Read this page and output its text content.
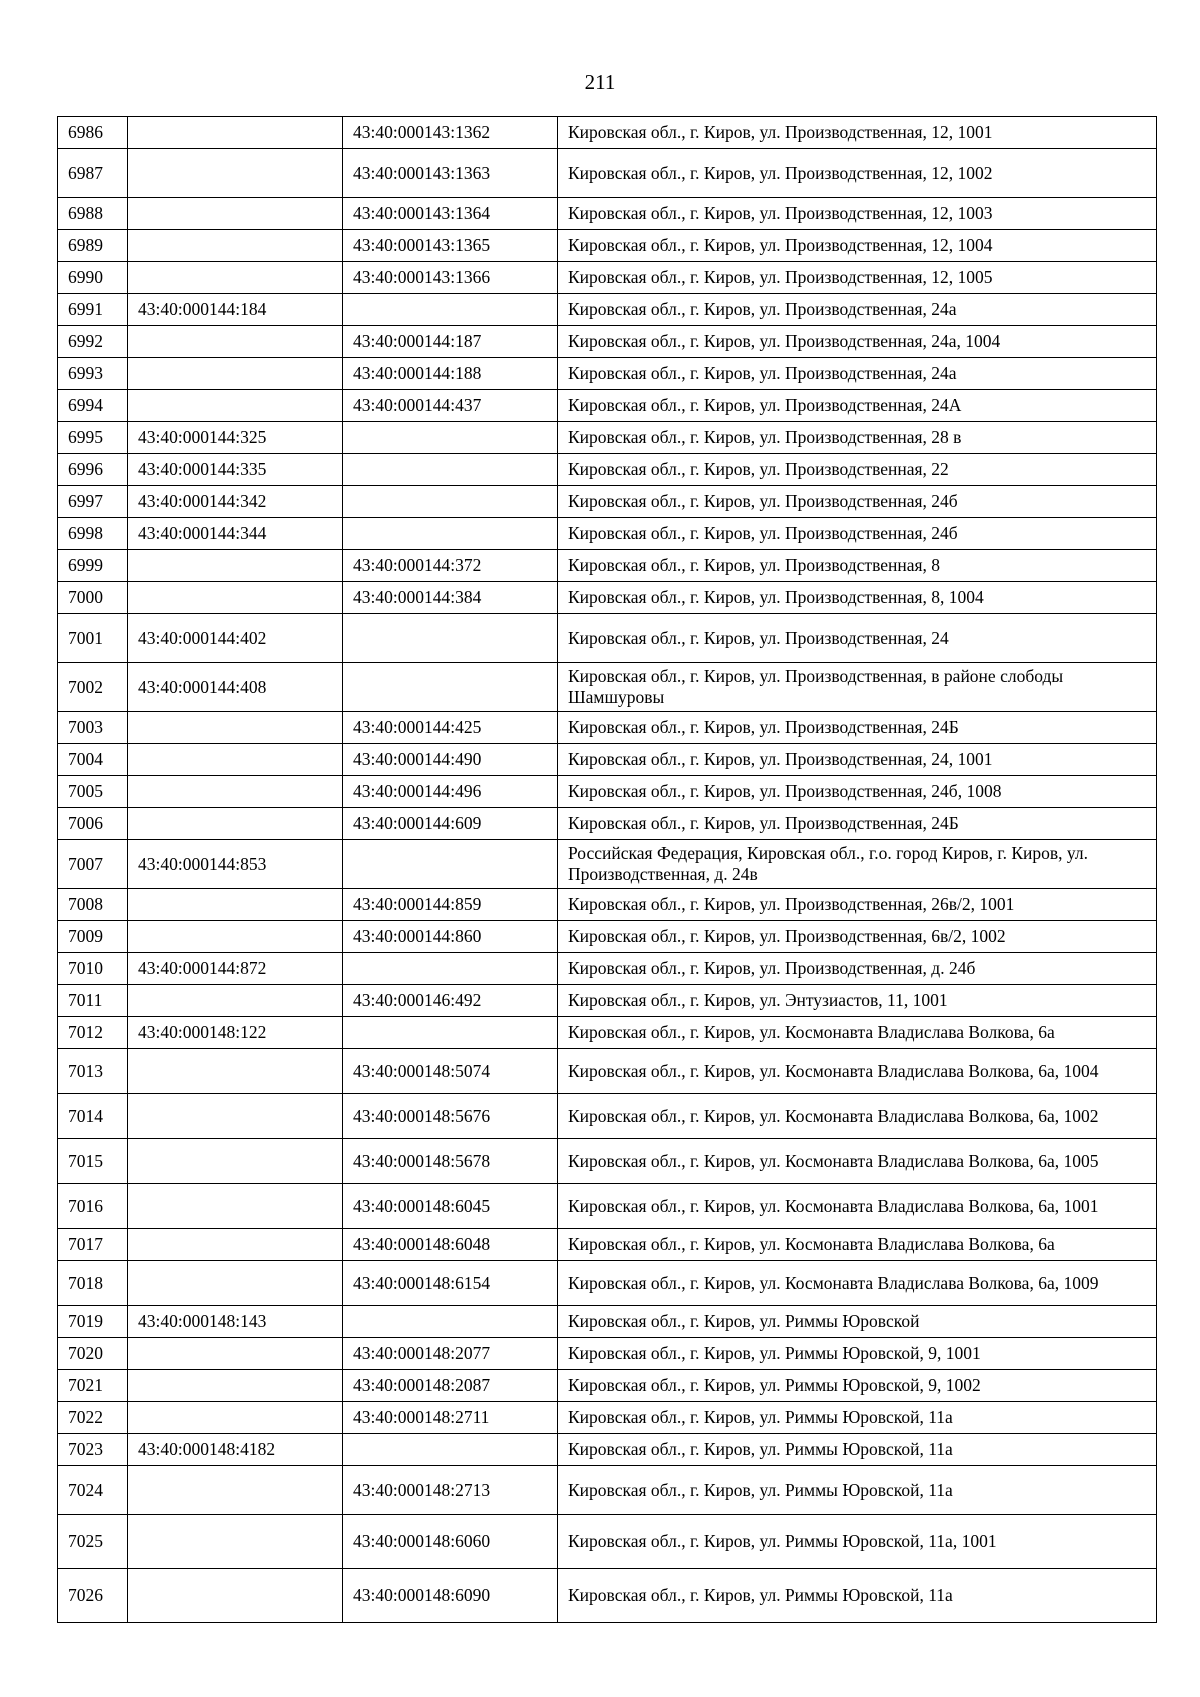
211
6986		43:40:000143:1362	Кировская обл., г. Киров, ул. Производственная, 12, 1001
6987		43:40:000143:1363	Кировская обл., г. Киров, ул. Производственная, 12, 1002
6988		43:40:000143:1364	Кировская обл., г. Киров, ул. Производственная, 12, 1003
6989		43:40:000143:1365	Кировская обл., г. Киров, ул. Производственная, 12, 1004
6990		43:40:000143:1366	Кировская обл., г. Киров, ул. Производственная, 12, 1005
6991	43:40:000144:184		Кировская обл., г. Киров, ул. Производственная, 24а
6992		43:40:000144:187	Кировская обл., г. Киров, ул. Производственная, 24а, 1004
6993		43:40:000144:188	Кировская обл., г. Киров, ул. Производственная, 24а
6994		43:40:000144:437	Кировская обл., г. Киров, ул. Производственная, 24А
6995	43:40:000144:325		Кировская обл., г. Киров, ул. Производственная, 28 в
6996	43:40:000144:335		Кировская обл., г. Киров, ул. Производственная, 22
6997	43:40:000144:342		Кировская обл., г. Киров, ул. Производственная, 24б
6998	43:40:000144:344		Кировская обл., г. Киров, ул. Производственная, 24б
6999		43:40:000144:372	Кировская обл., г. Киров, ул. Производственная, 8
7000		43:40:000144:384	Кировская обл., г. Киров, ул. Производственная, 8, 1004
7001	43:40:000144:402		Кировская обл., г. Киров, ул. Производственная, 24
7002	43:40:000144:408		Кировская обл., г. Киров, ул. Производственная, в районе слободы Шамшуровы
7003		43:40:000144:425	Кировская обл., г. Киров, ул. Производственная, 24Б
7004		43:40:000144:490	Кировская обл., г. Киров, ул. Производственная, 24, 1001
7005		43:40:000144:496	Кировская обл., г. Киров, ул. Производственная, 24б, 1008
7006		43:40:000144:609	Кировская обл., г. Киров, ул. Производственная, 24Б
7007	43:40:000144:853		Российская Федерация, Кировская обл., г.о. город Киров, г. Киров, ул. Производственная, д. 24в
7008		43:40:000144:859	Кировская обл., г. Киров, ул. Производственная, 26в/2, 1001
7009		43:40:000144:860	Кировская обл., г. Киров, ул. Производственная, 6в/2, 1002
7010	43:40:000144:872		Кировская обл., г. Киров, ул. Производственная, д. 24б
7011		43:40:000146:492	Кировская обл., г. Киров, ул. Энтузиастов, 11, 1001
7012	43:40:000148:122		Кировская обл., г. Киров, ул. Космонавта Владислава Волкова, 6а
7013		43:40:000148:5074	Кировская обл., г. Киров, ул. Космонавта Владислава Волкова, 6а, 1004
7014		43:40:000148:5676	Кировская обл., г. Киров, ул. Космонавта Владислава Волкова, 6а, 1002
7015		43:40:000148:5678	Кировская обл., г. Киров, ул. Космонавта Владислава Волкова, 6а, 1005
7016		43:40:000148:6045	Кировская обл., г. Киров, ул. Космонавта Владислава Волкова, 6а, 1001
7017		43:40:000148:6048	Кировская обл., г. Киров, ул. Космонавта Владислава Волкова, 6а
7018		43:40:000148:6154	Кировская обл., г. Киров, ул. Космонавта Владислава Волкова, 6а, 1009
7019	43:40:000148:143		Кировская обл., г. Киров, ул. Риммы Юровской
7020		43:40:000148:2077	Кировская обл., г. Киров, ул. Риммы Юровской, 9, 1001
7021		43:40:000148:2087	Кировская обл., г. Киров, ул. Риммы Юровской, 9, 1002
7022		43:40:000148:2711	Кировская обл., г. Киров, ул. Риммы Юровской, 11а
7023	43:40:000148:4182		Кировская обл., г. Киров, ул. Риммы Юровской, 11а
7024		43:40:000148:2713	Кировская обл., г. Киров, ул. Риммы Юровской, 11а
7025		43:40:000148:6060	Кировская обл., г. Киров, ул. Риммы Юровской, 11а, 1001
7026		43:40:000148:6090	Кировская обл., г. Киров, ул. Риммы Юровской, 11а
